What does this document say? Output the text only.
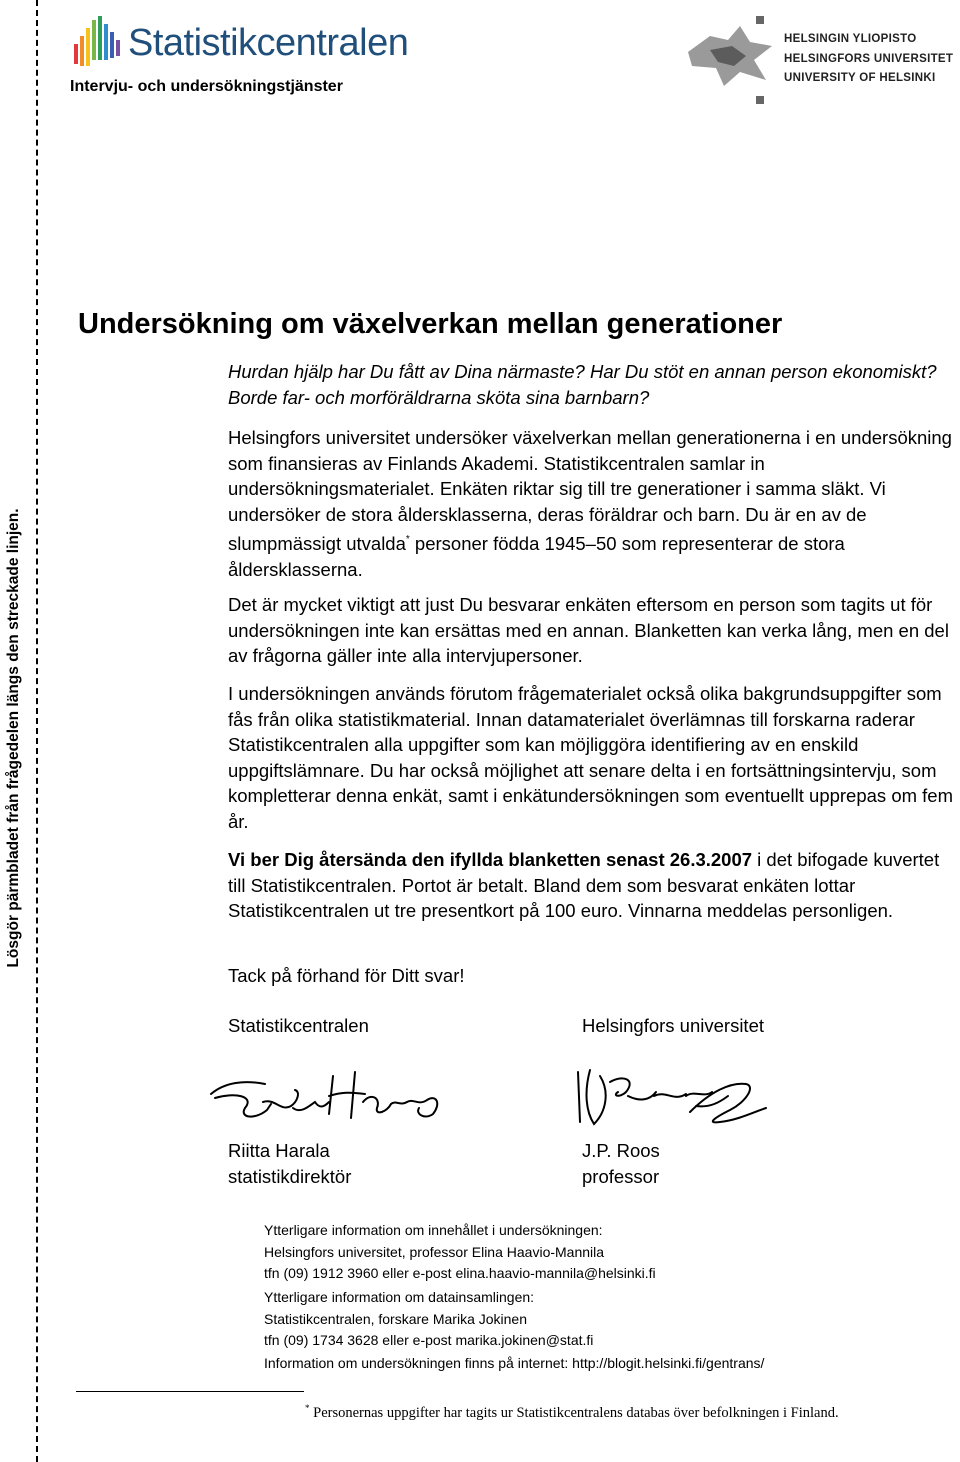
Lösgör pärmbladet från frågedelen längs den streckade linjen.
Statistikcentralen
Intervju- och undersökningstjänster
HELSINGIN YLIOPISTO
HELSINGFORS UNIVERSITET
UNIVERSITY OF HELSINKI
Undersökning om växelverkan mellan generationer

Hurdan hjälp har Du fått av Dina närmaste? Har Du stöt en annan person ekonomiskt? Borde far- och morföräldrarna sköta sina barnbarn?

Helsingfors universitet undersöker växelverkan mellan generationerna i en undersökning som finansieras av Finlands Akademi. Statistikcentralen samlar in undersökningsmaterialet. Enkäten riktar sig till tre generationer i samma släkt. Vi undersöker de stora åldersklasserna, deras föräldrar och barn. Du är en av de slumpmässigt utvalda* personer födda 1945–50 som representerar de stora åldersklasserna.

Det är mycket viktigt att just Du besvarar enkäten eftersom en person som tagits ut för undersökningen inte kan ersättas med en annan. Blanketten kan verka lång, men en del av frågorna gäller inte alla intervjupersoner.

I undersökningen används förutom frågematerialet också olika bakgrundsuppgifter som fås från olika statistikmaterial. Innan datamaterialet överlämnas till forskarna raderar Statistikcentralen alla uppgifter som kan möjliggöra identifiering av en enskild uppgiftslämnare. Du har också möjlighet att senare delta i en fortsättningsintervju, som kompletterar denna enkät, samt i enkätundersökningen som eventuellt upprepas om fem år.

Vi ber Dig återsända den ifyllda blanketten senast 26.3.2007 i det bifogade kuvertet till Statistikcentralen. Portot är betalt. Bland dem som besvarat enkäten lottar Statistikcentralen ut tre presentkort på 100 euro. Vinnarna meddelas personligen.

Tack på förhand för Ditt svar!

Statistikcentralen	Helsingfors universitet
Riitta Harala
statistikdirektör
J.P. Roos
professor
Ytterligare information om innehållet i undersökningen:
Helsingfors universitet, professor Elina Haavio-Mannila
tfn (09) 1912 3960 eller e-post elina.haavio-mannila@helsinki.fi
Ytterligare information om datainsamlingen:
Statistikcentralen, forskare Marika Jokinen
tfn (09) 1734 3628 eller e-post marika.jokinen@stat.fi
Information om undersökningen finns på internet: http://blogit.helsinki.fi/gentrans/
* Personernas uppgifter har tagits ur Statistikcentralens databas över befolkningen i Finland.
